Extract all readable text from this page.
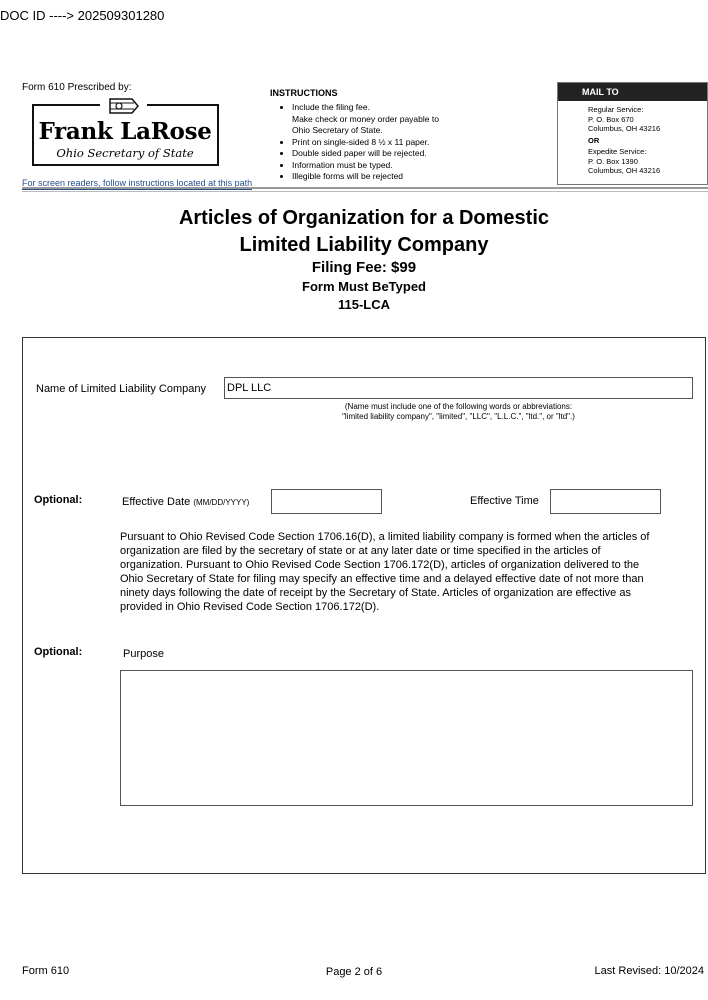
DOC ID ----> 202509301280
Form 610 Prescribed by:
Frank LaRose
Ohio Secretary of State
For screen readers, follow instructions located at this path
INSTRUCTIONS
• Include the filing fee.
Make check or money order payable to
Ohio Secretary of State.
• Print on single-sided 8 ½ x 11 paper.
• Double sided paper will be rejected.
• Information must be typed.
• Illegible forms will be rejected
MAIL TO
Regular Service:
P. O. Box 670
Columbus, OH 43216
OR
Expedite Service:
P. O. Box 1390
Columbus, OH 43216
Articles of Organization for a Domestic
Limited Liability Company
Filing Fee: $99
Form Must BeTyped
115-LCA
Name of Limited Liability Company DPL LLC
(Name must include one of the following words or abbreviations:
"limited liability company", "limited", "LLC", "L.L.C.", "ltd.", or "ltd".)
Optional:	Effective Date (MM/DD/YYYY)	Effective Time
Pursuant to Ohio Revised Code Section 1706.16(D), a limited liability company is formed when the articles of organization are filed by the secretary of state or at any later date or time specified in the articles of organization. Pursuant to Ohio Revised Code Section 1706.172(D), articles of organization delivered to the Ohio Secretary of State for filing may specify an effective time and a delayed effective date of not more than ninety days following the date of receipt by the Secretary of State. Articles of organization are effective as provided in Ohio Revised Code Section 1706.172(D).
Optional:	Purpose
Form 610	Page 2 of 6	Last Revised: 10/2024
